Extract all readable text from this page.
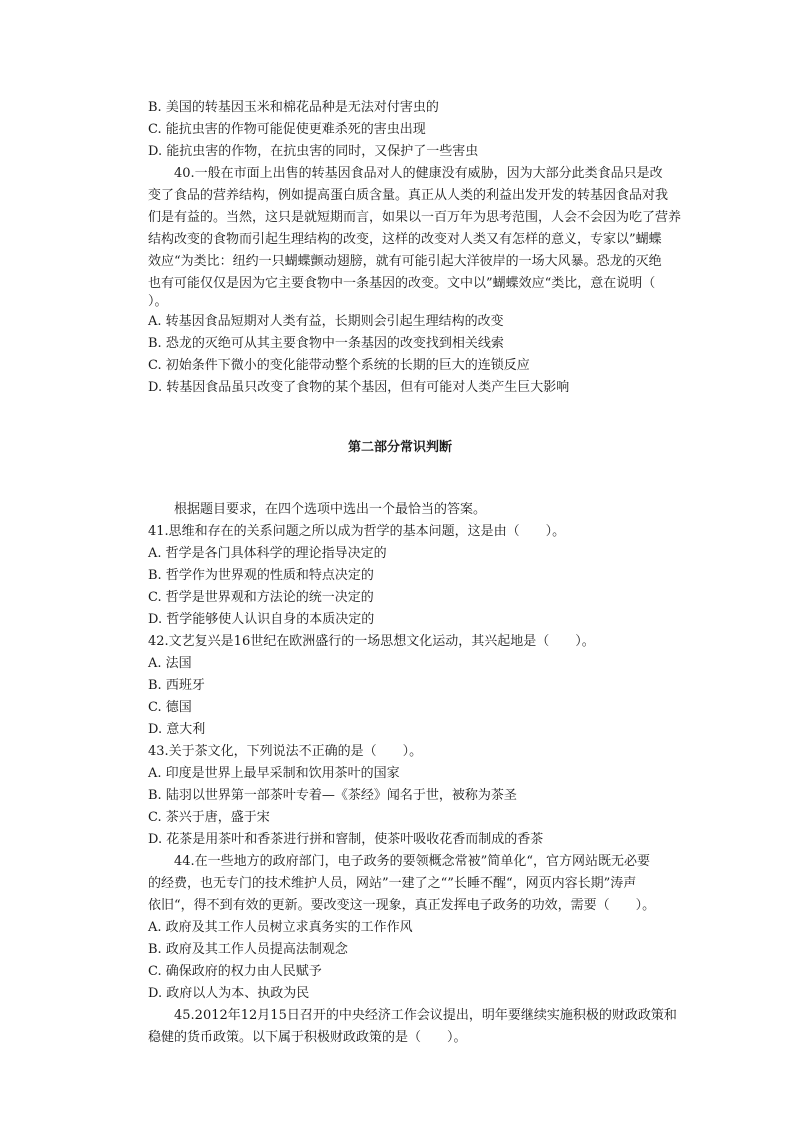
B. 美国的转基因玉米和棉花品种是无法对付害虫的
C. 能抗虫害的作物可能促使更难杀死的害虫出现
D. 能抗虫害的作物，在抗虫害的同时，又保护了一些害虫
40.一般在市面上出售的转基因食品对人的健康没有威胁，因为大部分此类食品只是改
变了食品的营养结构，例如提高蛋白质含量。真正从人类的利益出发开发的转基因食品对我
们是有益的。当然，这只是就短期而言，如果以一百万年为思考范围，人会不会因为吃了营养
结构改变的食物而引起生理结构的改变，这样的改变对人类又有怎样的意义，专家以”蝴蝶
效应“为类比：纽约一只蝴蝶颤动翅膀，就有可能引起大洋彼岸的一场大风暴。恐龙的灭绝
也有可能仅仅是因为它主要食物中一条基因的改变。文中以”蝴蝶效应“类比，意在说明（
）。
A. 转基因食品短期对人类有益，长期则会引起生理结构的改变
B. 恐龙的灭绝可从其主要食物中一条基因的改变找到相关线索
C. 初始条件下微小的变化能带动整个系统的长期的巨大的连锁反应
D. 转基因食品虽只改变了食物的某个基因，但有可能对人类产生巨大影响
第二部分常识判断
根据题目要求，在四个选项中选出一个最恰当的答案。
41.思维和存在的关系问题之所以成为哲学的基本问题，这是由（　　）。
A. 哲学是各门具体科学的理论指导决定的
B. 哲学作为世界观的性质和特点决定的
C. 哲学是世界观和方法论的统一决定的
D. 哲学能够使人认识自身的本质决定的
42.文艺复兴是16世纪在欧洲盛行的一场思想文化运动，其兴起地是（　　）。
A. 法国
B. 西班牙
C. 德国
D. 意大利
43.关于茶文化，下列说法不正确的是（　　）。
A. 印度是世界上最早采制和饮用茶叶的国家
B. 陆羽以世界第一部茶叶专着—《茶经》闻名于世，被称为茶圣
C. 茶兴于唐，盛于宋
D. 花茶是用茶叶和香茶进行拼和窨制，使茶叶吸收花香而制成的香茶
44.在一些地方的政府部门，电子政务的要领概念常被”简单化“，官方网站既无必要
的经费，也无专门的技术维护人员，网站”一建了之“”长睡不醒“，网页内容长期”涛声
依旧“，得不到有效的更新。要改变这一现象，真正发挥电子政务的功效，需要（　　）。
A. 政府及其工作人员树立求真务实的工作作风
B. 政府及其工作人员提高法制观念
C. 确保政府的权力由人民赋予
D. 政府以人为本、执政为民
45.2012年12月15日召开的中央经济工作会议提出，明年要继续实施积极的财政政策和
稳健的货币政策。以下属于积极财政政策的是（　　）。
